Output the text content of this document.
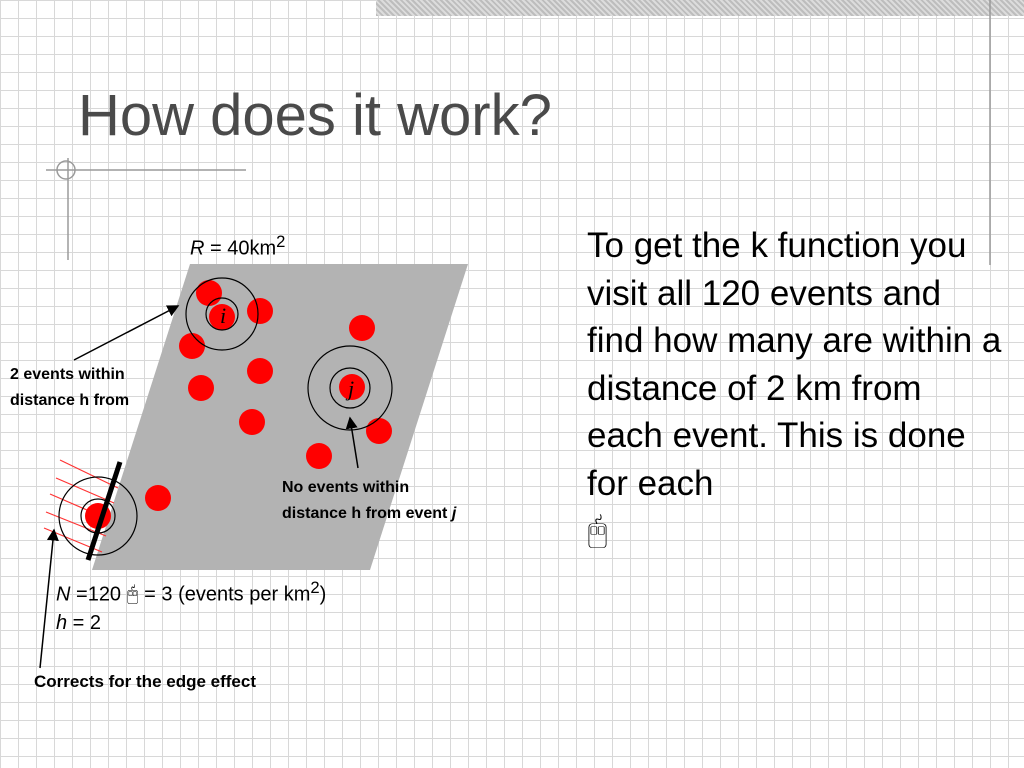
How does it work?
i
j
$R = 40km^2$
2 events within
distance h from
No events within
distance h from event j
N =120 🖰 = 3 (events per $km^2$)
h = 2
Corrects for the edge effect

To get the k function you visit all 120 events and find how many are within a distance of 2 km from each event. This is done for each
🖰
